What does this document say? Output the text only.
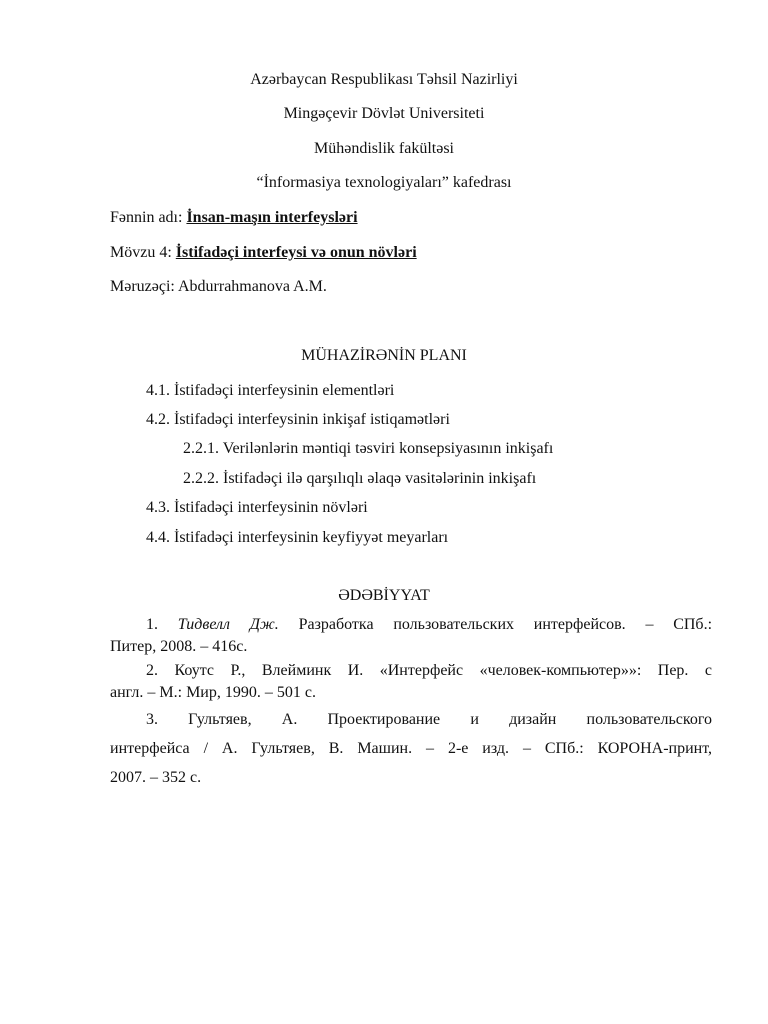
Azərbaycan Respublikası Təhsil Nazirliyi
Mingəçevir Dövlət Universiteti
Mühəndislik fakültəsi
“İnformasiya texnologiyaları” kafedrası
Fənnin adı: İnsan-maşın interfeysləri
Mövzu 4: İstifadəçi interfeysi və onun növləri
Məruzəçi: Abdurrahmanova A.M.
MÜHAZİRƏNİN PLANI
4.1. İstifadəçi interfeysinin elementləri
4.2. İstifadəçi interfeysinin inkişaf istiqamətləri
2.2.1. Verilənlərin məntiqi təsviri konsepsiyasının inkişafı
2.2.2. İstifadəçi ilə qarşılıqlı əlaqə vasitələrinin inkişafı
4.3. İstifadəçi interfeysinin növləri
4.4. İstifadəçi interfeysinin keyfiyyət meyarları
ƏDƏBİYYAT
1. Тидвелл Дж. Разработка пользовательских интерфейсов. – СПб.:
Питер, 2008. – 416с.
2. Коутс Р., Влейминк И. «Интерфейс «человек-компьютер»»: Пер. с
англ. – М.: Мир, 1990. – 501 с.
3. Гультяев, А. Проектирование и дизайн пользовательского
интерфейса / А. Гультяев, В. Машин. – 2-е изд. – СПб.: КОРОНА-принт,
2007. – 352 с.
